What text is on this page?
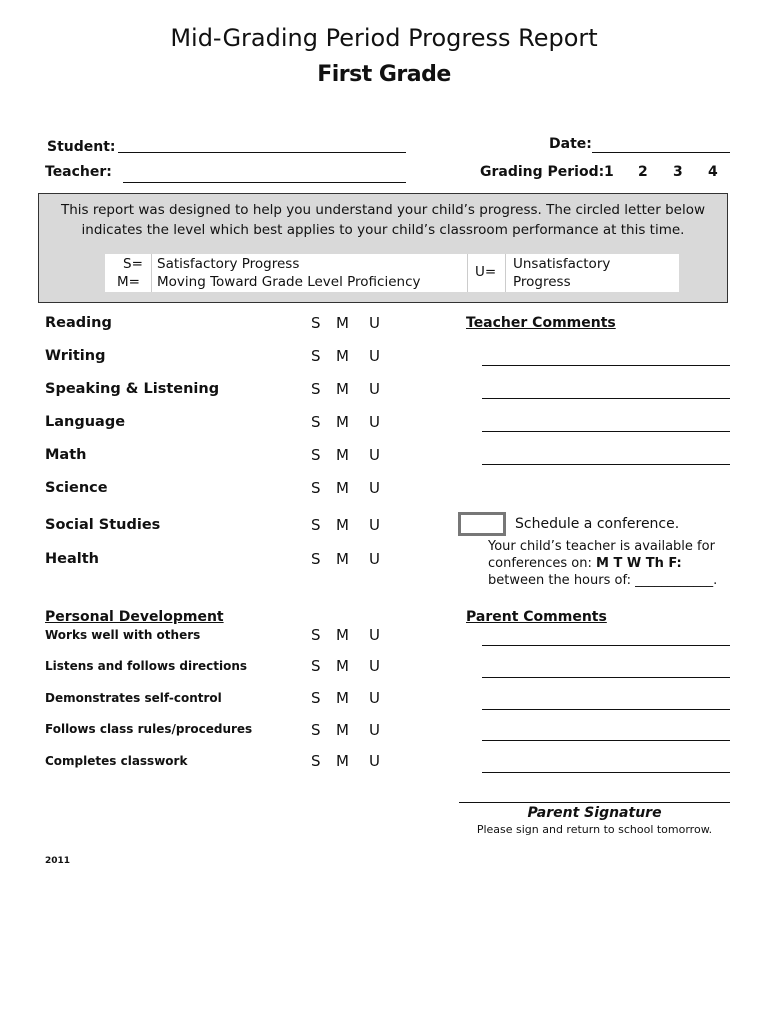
Mid-Grading Period Progress Report
First Grade
Student:
Teacher:
Date:
Grading Period: 1 2 3 4
This report was designed to help you understand your child’s progress. The circled letter below
indicates the level which best applies to your child’s classroom performance at this time.
S= Satisfactory Progress
M= Moving Toward Grade Level Proficiency
U= Unsatisfactory
Progress
Reading
Writing
Speaking & Listening
Language
Math
Science
Social Studies
Health
S M U
S M U
S M U
S M U
S M U
S M U
S M U
S M U
Teacher Comments
Schedule a conference.
Your child’s teacher is available for
conferences on: M T W Th F:
between the hours of: ____________.
Personal Development
Works well with others
Listens and follows directions
Demonstrates self-control
Follows class rules/procedures
Completes classwork
S M U
S M U
S M U
S M U
S M U
Parent Comments
Parent Signature
Please sign and return to school tomorrow.
2011
